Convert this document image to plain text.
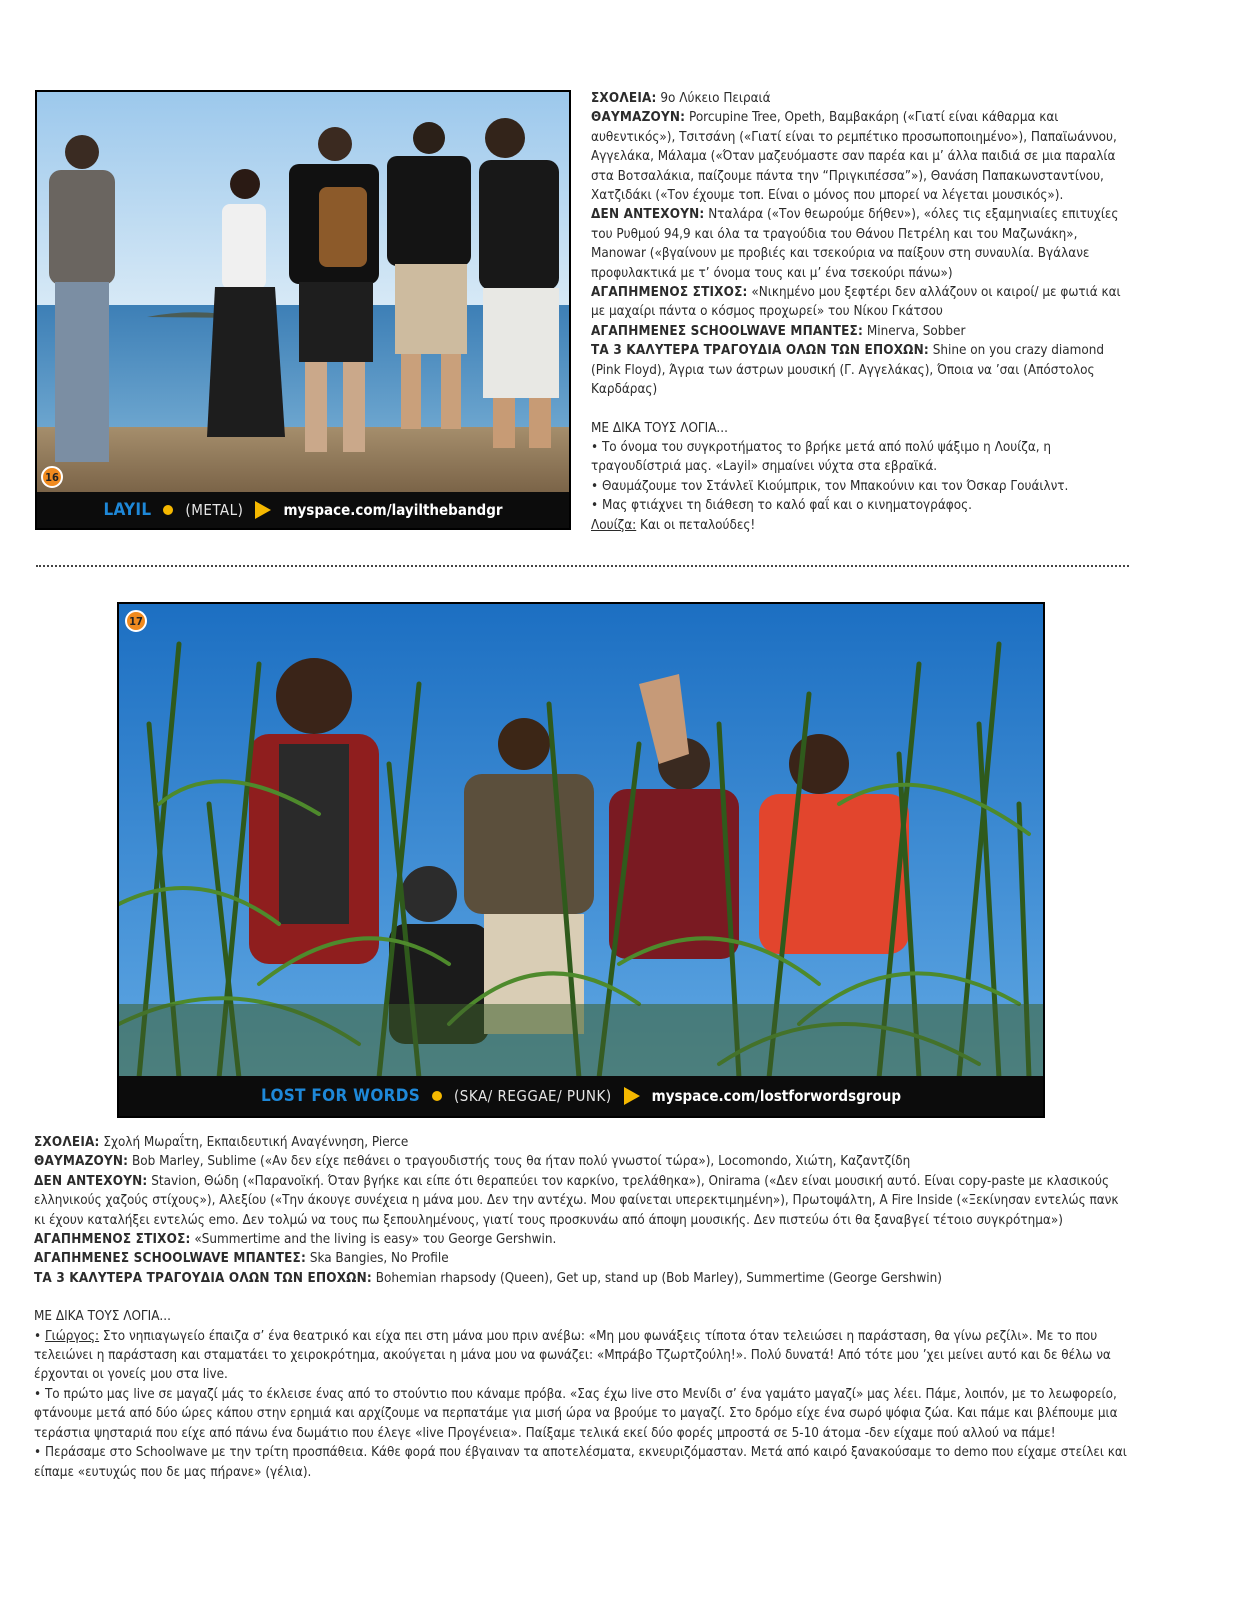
16
LAYIL (METAL)	myspace.com/layilthebandgr

ΣΧΟΛΕΙΑ: 9ο Λύκειο Πειραιά

ΘΑΥΜΑΖΟΥΝ: Porcupine Tree, Opeth, Βαμβακάρη («Γιατί είναι κάθαρμα και αυθεντικός»), Τσιτσάνη («Γιατί είναι το ρεμπέτικο προσωποποιημένο»), Παπαϊωάννου, Αγγελάκα, Μάλαμα («Όταν μαζευόμαστε σαν παρέα και μ’ άλλα παιδιά σε μια παραλία στα Βοτσαλάκια, παίζουμε πάντα την “Πριγκιπέσσα”»), Θανάση Παπακωνσταντίνου, Χατζιδάκι («Τον έχουμε τοπ. Είναι ο μόνος που μπορεί να λέγεται μουσικός»).

ΔΕΝ ΑΝΤΕΧΟΥΝ: Νταλάρα («Τον θεωρούμε δήθεν»), «όλες τις εξαμηνιαίες επιτυχίες του Ρυθμού 94,9 και όλα τα τραγούδια του Θάνου Πετρέλη και του Μαζωνάκη», Manowar («βγαίνουν με προβιές και τσεκούρια να παίξουν στη συναυλία. Βγάλανε προφυλακτικά με τ’ όνομα τους και μ’ ένα τσεκούρι πάνω»)

ΑΓΑΠΗΜΕΝΟΣ ΣΤΙΧΟΣ: «Νικημένο μου ξεφτέρι δεν αλλάζουν οι καιροί/ με φωτιά και με μαχαίρι πάντα ο κόσμος προχωρεί» του Νίκου Γκάτσου

ΑΓΑΠΗΜΕΝΕΣ SCHOOLWAVE ΜΠΑΝΤΕΣ: Minerva, Sobber

ΤΑ 3 ΚΑΛΥΤΕΡΑ ΤΡΑΓΟΥΔΙΑ ΟΛΩΝ ΤΩΝ ΕΠΟΧΩΝ: Shine on you crazy diamond (Pink Floyd), Άγρια των άστρων μουσική (Γ. Αγγελάκας), Όποια να ’σαι (Απόστολος Καρδάρας)

ΜΕ ΔΙΚΑ ΤΟΥΣ ΛΟΓΙΑ...

• Το όνομα του συγκροτήματος το βρήκε μετά από πολύ ψάξιμο η Λουίζα, η τραγουδίστριά μας. «Layil» σημαίνει νύχτα στα εβραϊκά.

• Θαυμάζουμε τον Στάνλεϊ Κιούμπρικ, τον Μπακούνιν και τον Όσκαρ Γουάιλντ.

• Μας φτιάχνει τη διάθεση το καλό φαΐ και ο κινηματογράφος.

Λουίζα: Και οι πεταλούδες!

17
LOST FOR WORDS (SKA/ REGGAE/ PUNK)	myspace.com/lostforwordsgroup

ΣΧΟΛΕΙΑ: Σχολή Μωραΐτη, Εκπαιδευτική Αναγέννηση, Pierce

ΘΑΥΜΑΖΟΥΝ: Bob Marley, Sublime («Αν δεν είχε πεθάνει ο τραγουδιστής τους θα ήταν πολύ γνωστοί τώρα»), Locomondo, Χιώτη, Καζαντζίδη

ΔΕΝ ΑΝΤΕΧΟΥΝ: Stavion, Θώδη («Παρανοϊκή. Όταν βγήκε και είπε ότι θεραπεύει τον καρκίνο, τρελάθηκα»), Onirama («Δεν είναι μουσική αυτό. Είναι copy-paste με κλασικούς ελληνικούς χαζούς στίχους»), Αλεξίου («Την άκουγε συνέχεια η μάνα μου. Δεν την αντέχω. Μου φαίνεται υπερεκτιμημένη»), Πρωτοψάλτη, A Fire Inside («Ξεκίνησαν εντελώς πανκ κι έχουν καταλήξει εντελώς emo. Δεν τολμώ να τους πω ξεπουλημένους, γιατί τους προσκυνάω από άποψη μουσικής. Δεν πιστεύω ότι θα ξαναβγεί τέτοιο συγκρότημα»)

ΑΓΑΠΗΜΕΝΟΣ ΣΤΙΧΟΣ: «Summertime and the living is easy» του George Gershwin.

ΑΓΑΠΗΜΕΝΕΣ SCHOOLWAVE ΜΠΑΝΤΕΣ: Ska Bangies, No Profile

ΤΑ 3 ΚΑΛΥΤΕΡΑ ΤΡΑΓΟΥΔΙΑ ΟΛΩΝ ΤΩΝ ΕΠΟΧΩΝ: Bohemian rhapsody (Queen), Get up, stand up (Bob Marley), Summertime (George Gershwin)

ΜΕ ΔΙΚΑ ΤΟΥΣ ΛΟΓΙΑ...

• Γιώργος: Στο νηπιαγωγείο έπαιζα σ’ ένα θεατρικό και είχα πει στη μάνα μου πριν ανέβω: «Μη μου φωνάξεις τίποτα όταν τελειώσει η παράσταση, θα γίνω ρεζίλι». Με το που τελειώνει η παράσταση και σταματάει το χειροκρότημα, ακούγεται η μάνα μου να φωνάζει: «Μπράβο Τζωρτζούλη!». Πολύ δυνατά! Από τότε μου ’χει μείνει αυτό και δε θέλω να έρχονται οι γονείς μου στα live.

• Το πρώτο μας live σε μαγαζί μάς το έκλεισε ένας από το στούντιο που κάναμε πρόβα. «Σας έχω live στο Μενίδι σ’ ένα γαμάτο μαγαζί» μας λέει. Πάμε, λοιπόν, με το λεωφορείο, φτάνουμε μετά από δύο ώρες κάπου στην ερημιά και αρχίζουμε να περπατάμε για μισή ώρα να βρούμε το μαγαζί. Στο δρόμο είχε ένα σωρό ψόφια ζώα. Και πάμε και βλέπουμε μια τεράστια ψησταριά που είχε από πάνω ένα δωμάτιο που έλεγε «live Προγένεια». Παίξαμε τελικά εκεί δύο φορές μπροστά σε 5-10 άτομα -δεν είχαμε πού αλλού να πάμε!

• Περάσαμε στο Schoolwave με την τρίτη προσπάθεια. Κάθε φορά που έβγαιναν τα αποτελέσματα, εκνευριζόμασταν. Μετά από καιρό ξανακούσαμε το demo που είχαμε στείλει και είπαμε «ευτυχώς που δε μας πήρανε» (γέλια).
